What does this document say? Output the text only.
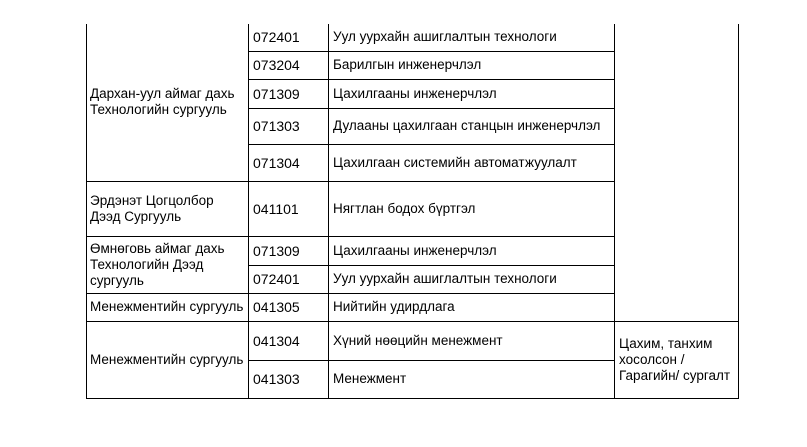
Дархан-уул аймаг дахь Технологийн сургууль	072401	Уул уурхайн ашиглалтын технологи	
	073204	Барилгын инженерчлэл	
	071309	Цахилгааны инженерчлэл	
	071303	Дулааны цахилгаан станцын инженерчлэл	
	071304	Цахилгаан системийн автоматжуулалт	
Эрдэнэт Цогцолбор Дээд Сургууль	041101	Нягтлан бодох бүртгэл	
Өмнөговь аймаг дахь Технологийн Дээд сургууль	071309	Цахилгааны инженерчлэл	
	072401	Уул уурхайн ашиглалтын технологи	
Менежментийн сургууль	041305	Нийтийн удирдлага	
Менежментийн сургууль	041304	Хүний нөөцийн менежмент	Цахим, танхим хосолсон /Гарагийн/ сургалт
	041303	Менежмент	
